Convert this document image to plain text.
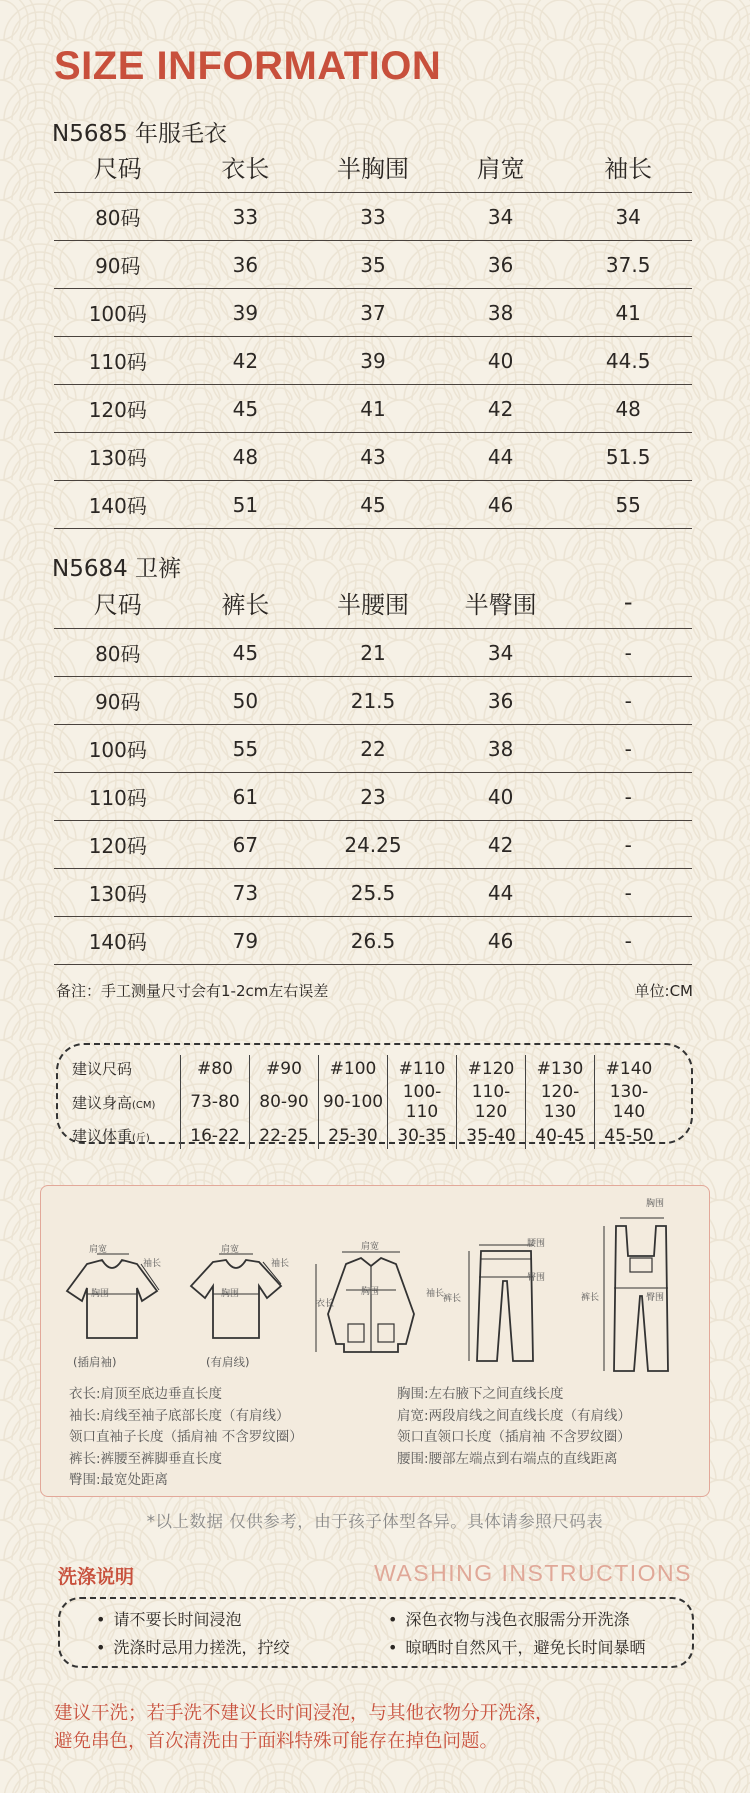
SIZE INFORMATION
N5685 年服毛衣
尺码	衣长	半胸围	肩宽	袖长
80码	33	33	34	34
90码	36	35	36	37.5
100码	39	37	38	41
110码	42	39	40	44.5
120码	45	41	42	48
130码	48	43	44	51.5
140码	51	45	46	55
N5684 卫裤
尺码	裤长	半腰围	半臀围	-
80码	45	21	34	-
90码	50	21.5	36	-
100码	55	22	38	-
110码	61	23	40	-
120码	67	24.25	42	-
130码	73	25.5	44	-
140码	79	26.5	46	-
备注：手工测量尺寸会有1-2cm左右误差	单位:CM
建议尺码	#80	#90	#100	#110	#120	#130	#140
建议身高(CM)	73-80	80-90	90-100	100-110	110-120	120-130	130-140
建议体重(斤)	16-22	22-25	25-30	30-35	35-40	40-45	45-50
肩宽
胸围
袖长
(插肩袖)
肩宽
胸围
袖长
(有肩线)
肩宽
胸围
衣长
袖长
腰围
臀围
裤长
胸围
臀围
裤长
衣长:肩顶至底边垂直长度
袖长:肩线至袖子底部长度（有肩线）
领口直袖子长度（插肩袖 不含罗纹圈）
裤长:裤腰至裤脚垂直长度
臀围:最宽处距离
胸围:左右腋下之间直线长度
肩宽:两段肩线之间直线长度（有肩线）
领口直领口长度（插肩袖 不含罗纹圈）
腰围:腰部左端点到右端点的直线距离
*以上数据 仅供参考，由于孩子体型各异。具体请参照尺码表
洗涤说明	WASHING INSTRUCTIONS
• 请不要长时间浸泡	• 深色衣物与浅色衣服需分开洗涤
• 洗涤时忌用力搓洗，拧绞	• 晾晒时自然风干，避免长时间暴晒
建议干洗；若手洗不建议长时间浸泡，与其他衣物分开洗涤，
避免串色，首次清洗由于面料特殊可能存在掉色问题。
